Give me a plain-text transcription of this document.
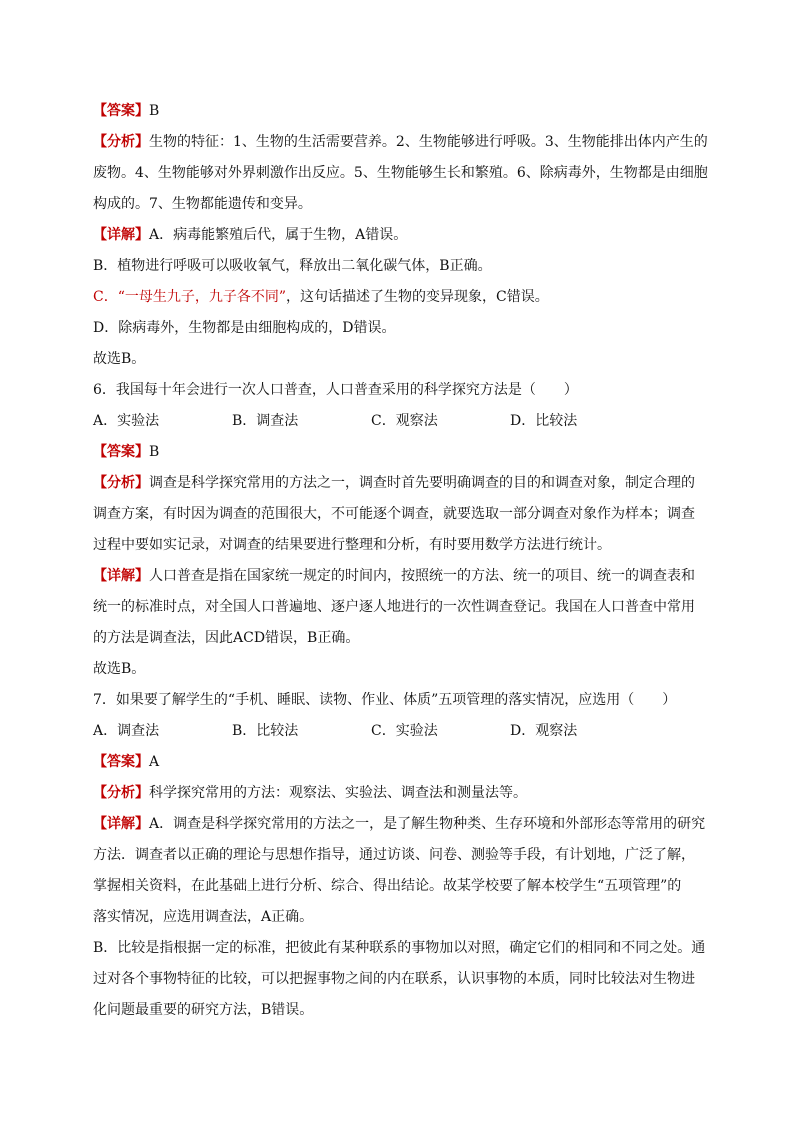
【答案】B
【分析】生物的特征：1、生物的生活需要营养。2、生物能够进行呼吸。3、生物能排出体内产生的
废物。4、生物能够对外界刺激作出反应。5、生物能够生长和繁殖。6、除病毒外，生物都是由细胞
构成的。7、生物都能遗传和变异。
【详解】A．病毒能繁殖后代，属于生物，A错误。
B．植物进行呼吸可以吸收氧气，释放出二氧化碳气体，B正确。
C．“一母生九子，九子各不同”，这句话描述了生物的变异现象，C错误。
D．除病毒外，生物都是由细胞构成的，D错误。
故选B。
6．我国每十年会进行一次人口普查，人口普查采用的科学探究方法是（　　）
A．实验法	B．调查法	C．观察法	D．比较法
【答案】B
【分析】调查是科学探究常用的方法之一，调查时首先要明确调查的目的和调查对象，制定合理的
调查方案，有时因为调查的范围很大，不可能逐个调查，就要选取一部分调查对象作为样本；调查
过程中要如实记录，对调查的结果要进行整理和分析，有时要用数学方法进行统计。
【详解】人口普查是指在国家统一规定的时间内，按照统一的方法、统一的项目、统一的调查表和
统一的标准时点，对全国人口普遍地、逐户逐人地进行的一次性调查登记。我国在人口普查中常用
的方法是调查法，因此ACD错误，B正确。
故选B。
7．如果要了解学生的“手机、睡眠、读物、作业、体质”五项管理的落实情况，应选用（　　）
A．调查法	B．比较法	C．实验法	D．观察法
【答案】A
【分析】科学探究常用的方法：观察法、实验法、调查法和测量法等。
【详解】A．调查是科学探究常用的方法之一，是了解生物种类、生存环境和外部形态等常用的研究
方法．调查者以正确的理论与思想作指导，通过访谈、问卷、测验等手段，有计划地，广泛了解，
掌握相关资料，在此基础上进行分析、综合、得出结论。故某学校要了解本校学生“五项管理”的
落实情况，应选用调查法，A正确。
B．比较是指根据一定的标准，把彼此有某种联系的事物加以对照，确定它们的相同和不同之处。通
过对各个事物特征的比较，可以把握事物之间的内在联系，认识事物的本质，同时比较法对生物进
化问题最重要的研究方法，B错误。
